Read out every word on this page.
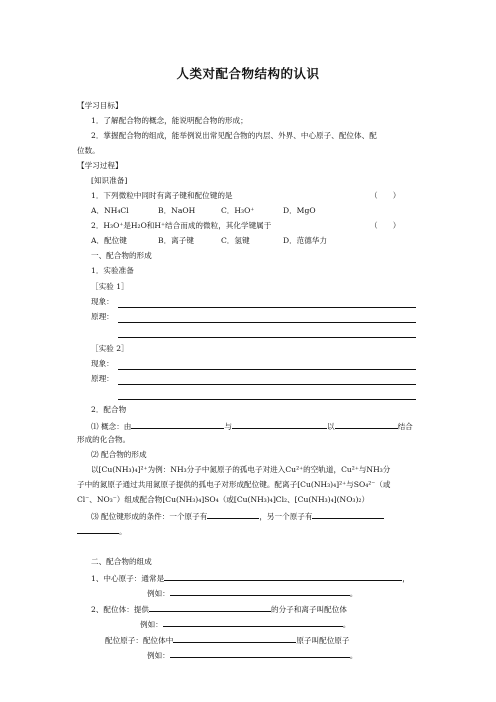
人类对配合物结构的认识
【学习目标】
1．了解配合物的概念，能说明配合物的形成；
2．掌握配合物的组成，能举例说出常见配合物的内层、外界、中心原子、配位体、配
位数。
【学习过程】
[知识准备]
1．下列微粒中同时有离子键和配位键的是	（　　）
A．NH₄Cl	B．NaOH	C．H₃O⁺	D．MgO
2．H₃O⁺是H₂O和H⁺结合而成的微粒，其化学键属于	（　　）
A．配位键	B．离子键	C．氢键	D．范德华力
一、配合物的形成
1．实验准备
［实验 1］
现象：
原理：
［实验 2］
现象：
原理：
2．配合物
⑴ 概念：由	与	以	结合
形成的化合物。
⑵ 配合物的形成
以[Cu(NH₃)₄]²⁺为例：NH₃分子中氮原子的孤电子对进入Cu²⁺的空轨道，Cu²⁺与NH₃分
子中的氮原子通过共用氮原子提供的孤电子对形成配位键。配离子[Cu(NH₃)₄]²⁺与SO₄²⁻（或
Cl⁻、NO₃⁻）组成配合物[Cu(NH₃)₄]SO₄（或[Cu(NH₃)₄]Cl₂、[Cu(NH₃)₄](NO₃)₂）
⑶ 配位键形成的条件：一个原子有	，另一个原子有
。
二、配合物的组成
1、中心原子：通常是	，
例如：	。
2、配位体：提供	的分子和离子叫配位体
例如：	。
配位原子：配位体中	原子叫配位原子
例如：	。
